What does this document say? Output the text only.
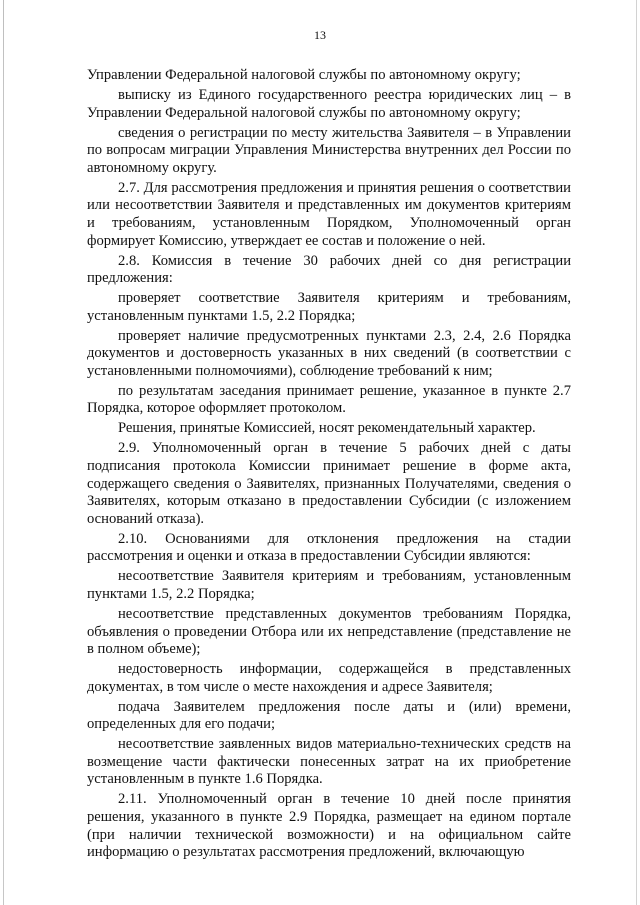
13

Управлении Федеральной налоговой службы по автономному округу;

выписку из Единого государственного реестра юридических лиц – в Управлении Федеральной налоговой службы по автономному округу;

сведения о регистрации по месту жительства Заявителя – в Управлении по вопросам миграции Управления Министерства внутренних дел России по автономному округу.

2.7. Для рассмотрения предложения и принятия решения о соответствии или несоответствии Заявителя и представленных им документов критериям и требованиям, установленным Порядком, Уполномоченный орган формирует Комиссию, утверждает ее состав и положение о ней.

2.8. Комиссия в течение 30 рабочих дней со дня регистрации предложения:

проверяет соответствие Заявителя критериям и требованиям, установленным пунктами 1.5, 2.2 Порядка;

проверяет наличие предусмотренных пунктами 2.3, 2.4, 2.6 Порядка документов и достоверность указанных в них сведений (в соответствии с установленными полномочиями), соблюдение требований к ним;

по результатам заседания принимает решение, указанное в пункте 2.7 Порядка, которое оформляет протоколом.

Решения, принятые Комиссией, носят рекомендательный характер.

2.9. Уполномоченный орган в течение 5 рабочих дней с даты подписания протокола Комиссии принимает решение в форме акта, содержащего сведения о Заявителях, признанных Получателями, сведения о Заявителях, которым отказано в предоставлении Субсидии (с изложением оснований отказа).

2.10. Основаниями для отклонения предложения на стадии рассмотрения и оценки и отказа в предоставлении Субсидии являются:

несоответствие Заявителя критериям и требованиям, установленным пунктами 1.5, 2.2 Порядка;

несоответствие представленных документов требованиям Порядка, объявления о проведении Отбора или их непредставление (представление не в полном объеме);

недостоверность информации, содержащейся в представленных документах, в том числе о месте нахождения и адресе Заявителя;

подача Заявителем предложения после даты и (или) времени, определенных для его подачи;

несоответствие заявленных видов материально-технических средств на возмещение части фактически понесенных затрат на их приобретение установленным в пункте 1.6 Порядка.

2.11. Уполномоченный орган в течение 10 дней после принятия решения, указанного в пункте 2.9 Порядка, размещает на едином портале (при наличии технической возможности) и на официальном сайте информацию о результатах рассмотрения предложений, включающую
